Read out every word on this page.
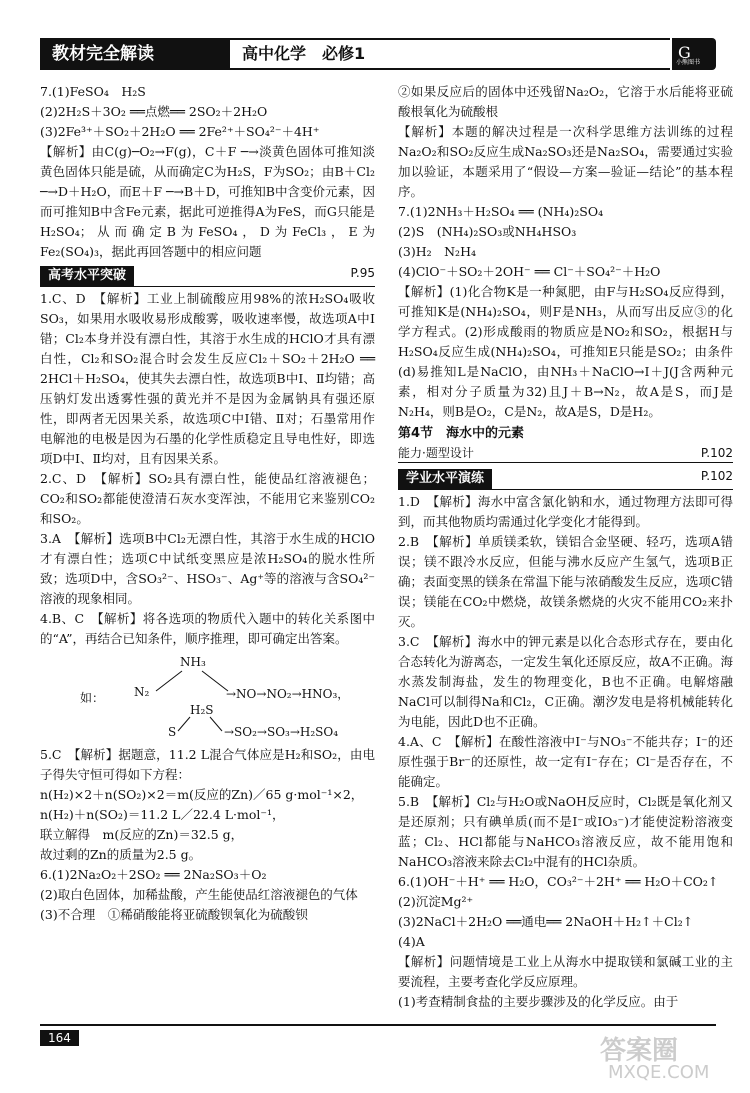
教材完全解读	高中化学　必修1	G
小熊图书

7.(1)FeSO₄　H₂S

(2)2H₂S＋3O₂ ══点燃══ 2SO₂＋2H₂O

(3)2Fe³⁺＋SO₂＋2H₂O ══ 2Fe²⁺＋SO₄²⁻＋4H⁺

【解析】由C(g)─O₂→F(g)，C＋F ─→淡黄色固体可推知淡黄色固体只能是硫，从而确定C为H₂S，F为SO₂；由B＋Cl₂ ─→D＋H₂O，而E＋F ─→B＋D，可推知B中含变价元素，因而可推知B中含Fe元素，据此可逆推得A为FeS，而G只能是H₂SO₄；从而确定B为FeSO₄，D为FeCl₃，E为Fe₂(SO₄)₃，据此再回答题中的相应问题

高考水平突破	P.95

1.C、D　【解析】工业上制硫酸应用98%的浓H₂SO₄吸收SO₃，如果用水吸收易形成酸雾，吸收速率慢，故选项A中Ⅰ错；Cl₂本身并没有漂白性，其溶于水生成的HClO才具有漂白性，Cl₂和SO₂混合时会发生反应Cl₂＋SO₂＋2H₂O ══ 2HCl＋H₂SO₄，使其失去漂白性，故选项B中Ⅰ、Ⅱ均错；高压钠灯发出透雾性强的黄光并不是因为金属钠具有强还原性，即两者无因果关系，故选项C中Ⅰ错、Ⅱ对；石墨常用作电解池的电极是因为石墨的化学性质稳定且导电性好，即选项D中Ⅰ、Ⅱ均对，且有因果关系。

2.C、D　【解析】SO₂具有漂白性，能使品红溶液褪色；CO₂和SO₂都能使澄清石灰水变浑浊，不能用它来鉴别CO₂和SO₂。

3.A　【解析】选项B中Cl₂无漂白性，其溶于水生成的HClO才有漂白性；选项C中试纸变黑应是浓H₂SO₄的脱水性所致；选项D中，含SO₃²⁻、HSO₃⁻、Ag⁺等的溶液与含SO₄²⁻溶液的现象相同。

4.B、C　【解析】将各选项的物质代入题中的转化关系图中的“A”，再结合已知条件，顺序推理，即可确定出答案。

如：
NH₃
N₂	→NO→NO₂→HNO₃，
H₂S
S	→SO₂→SO₃→H₂SO₄

5.C　【解析】据题意，11.2 L混合气体应是H₂和SO₂，由电子得失守恒可得如下方程：

n(H₂)×2＋n(SO₂)×2＝m(反应的Zn)／65 g·mol⁻¹×2，

n(H₂)＋n(SO₂)＝11.2 L／22.4 L·mol⁻¹，

联立解得　m(反应的Zn)＝32.5 g，

故过剩的Zn的质量为2.5 g。

6.(1)2Na₂O₂＋2SO₂ ══ 2Na₂SO₃＋O₂

(2)取白色固体，加稀盐酸，产生能使品红溶液褪色的气体

(3)不合理　①稀硝酸能将亚硫酸钡氧化为硫酸钡

②如果反应后的固体中还残留Na₂O₂，它溶于水后能将亚硫酸根氧化为硫酸根

【解析】本题的解决过程是一次科学思维方法训练的过程　Na₂O₂和SO₂反应生成Na₂SO₃还是Na₂SO₄，需要通过实验加以验证，本题采用了“假设—方案—验证—结论”的基本程序。

7.(1)2NH₃＋H₂SO₄ ══ (NH₄)₂SO₄

(2)S　(NH₄)₂SO₃或NH₄HSO₃

(3)H₂　N₂H₄

(4)ClO⁻＋SO₂＋2OH⁻ ══ Cl⁻＋SO₄²⁻＋H₂O

【解析】(1)化合物K是一种氮肥，由F与H₂SO₄反应得到，可推知K是(NH₄)₂SO₄，则F是NH₃，从而写出反应③的化学方程式。(2)形成酸雨的物质应是NO₂和SO₂，根据H与H₂SO₄反应生成(NH₄)₂SO₄，可推知E只能是SO₂；由条件(d)易推知L是NaClO，由NH₃＋NaClO→I＋J(J含两种元素，相对分子质量为32)且J＋B→N₂，故A是S，而J是N₂H₄，则B是O₂，C是N₂，故A是S，D是H₂。

第4节　海水中的元素
能力·题型设计	P.102
学业水平演练	P.102

1.D　【解析】海水中富含氯化钠和水，通过物理方法即可得到，而其他物质均需通过化学变化才能得到。

2.B　【解析】单质镁柔软，镁铝合金坚硬、轻巧，选项A错误；镁不跟冷水反应，但能与沸水反应产生氢气，选项B正确；表面变黑的镁条在常温下能与浓硝酸发生反应，选项C错误；镁能在CO₂中燃烧，故镁条燃烧的火灾不能用CO₂来扑灭。

3.C　【解析】海水中的钾元素是以化合态形式存在，要由化合态转化为游离态，一定发生氧化还原反应，故A不正确。海水蒸发制海盐，发生的物理变化，B也不正确。电解熔融NaCl可以制得Na和Cl₂，C正确。潮汐发电是将机械能转化为电能，因此D也不正确。

4.A、C　【解析】在酸性溶液中I⁻与NO₃⁻不能共存；I⁻的还原性强于Br⁻的还原性，故一定有I⁻存在；Cl⁻是否存在，不能确定。

5.B　【解析】Cl₂与H₂O或NaOH反应时，Cl₂既是氧化剂又是还原剂；只有碘单质(而不是I⁻或IO₃⁻)才能使淀粉溶液变蓝；Cl₂、HCl都能与NaHCO₃溶液反应，故不能用饱和NaHCO₃溶液来除去Cl₂中混有的HCl杂质。

6.(1)OH⁻＋H⁺ ══ H₂O，CO₃²⁻＋2H⁺ ══ H₂O＋CO₂↑

(2)沉淀Mg²⁺

(3)2NaCl＋2H₂O ══通电══ 2NaOH＋H₂↑＋Cl₂↑

(4)A

【解析】问题情境是工业上从海水中提取镁和氯碱工业的主要流程，主要考查化学反应原理。

(1)考查精制食盐的主要步骤涉及的化学反应。由于

164	答案圈
MXQE.COM
